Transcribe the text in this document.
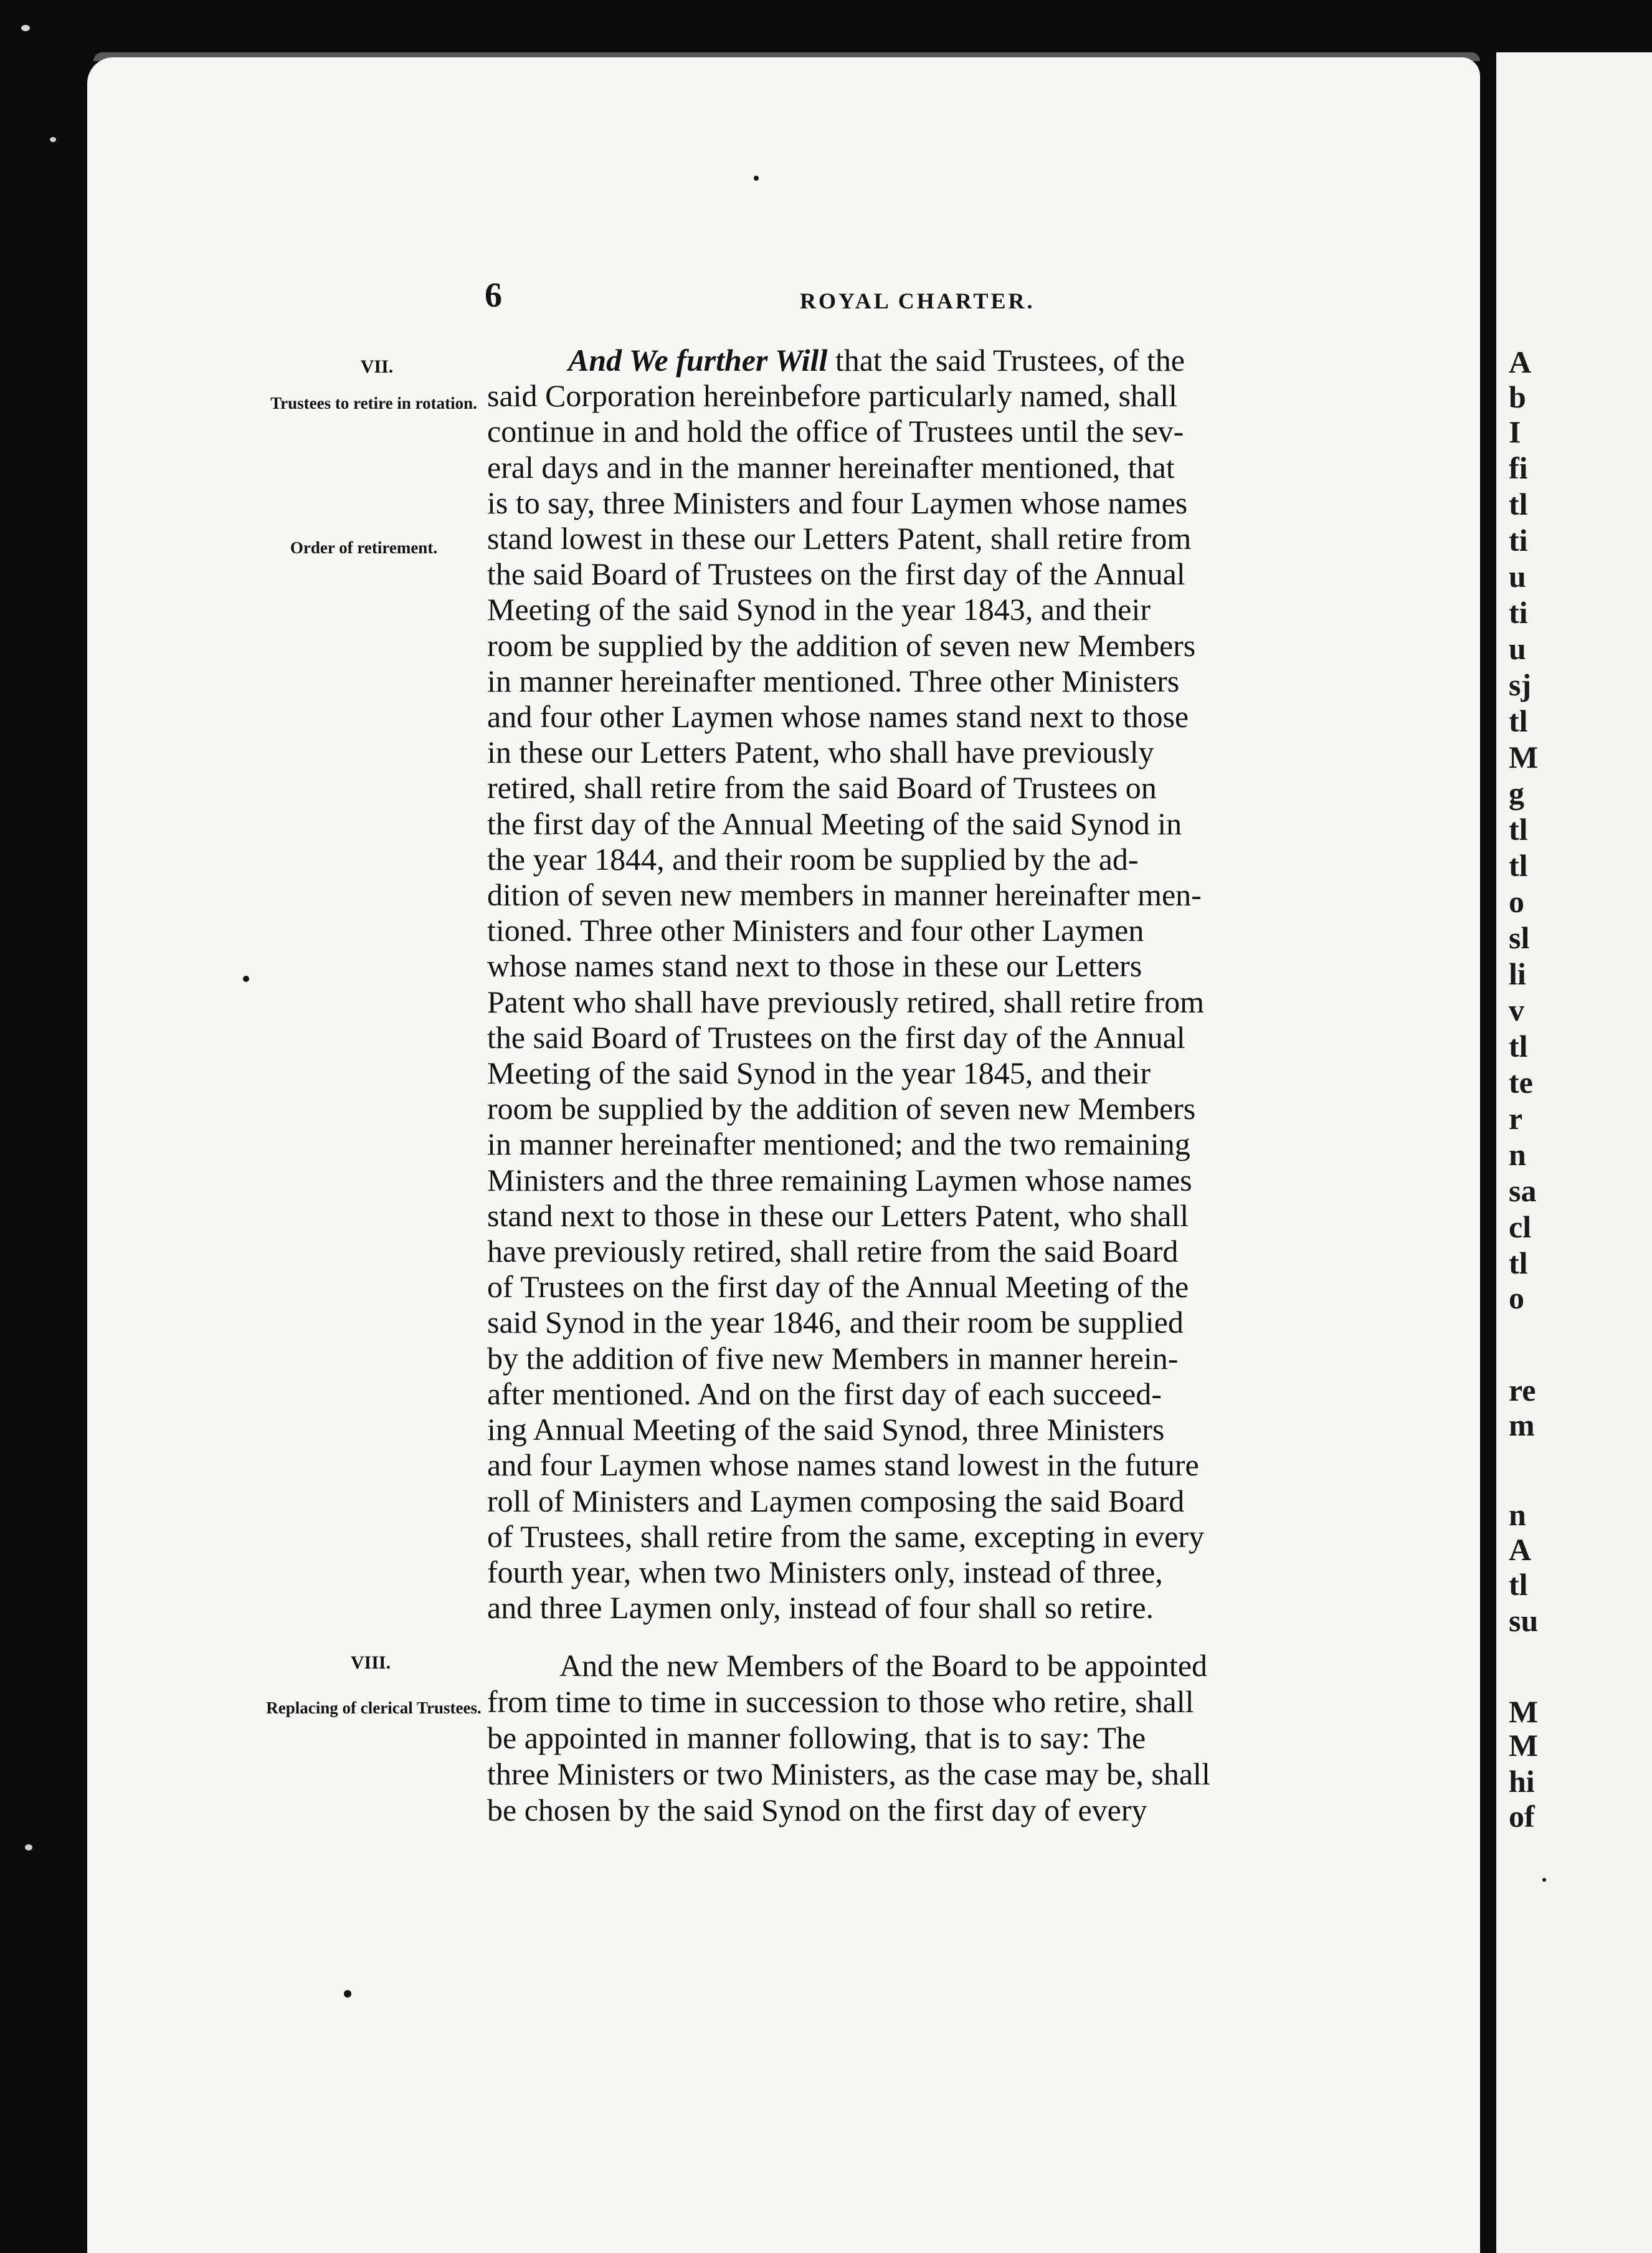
A
b
I
fi
tl
ti
u
ti
u
sj
tl
M
g
tl
tl
o
sl
li
v
tl
te
r
n
sa
cl
tl
o
re
m
n
A
tl
su
M
M
hi
of
6	ROYAL CHARTER.
VII.
Trustees to retire in rotation.
Order of retirement.
And We further Will that the said Trustees, of the
said Corporation hereinbefore particularly named, shall
continue in and hold the office of Trustees until the sev-
eral days and in the manner hereinafter mentioned, that
is to say, three Ministers and four Laymen whose names
stand lowest in these our Letters Patent, shall retire from
the said Board of Trustees on the first day of the Annual
Meeting of the said Synod in the year 1843, and their
room be supplied by the addition of seven new Members
in manner hereinafter mentioned. Three other Ministers
and four other Laymen whose names stand next to those
in these our Letters Patent, who shall have previously
retired, shall retire from the said Board of Trustees on
the first day of the Annual Meeting of the said Synod in
the year 1844, and their room be supplied by the ad-
dition of seven new members in manner hereinafter men-
tioned. Three other Ministers and four other Laymen
whose names stand next to those in these our Letters
Patent who shall have previously retired, shall retire from
the said Board of Trustees on the first day of the Annual
Meeting of the said Synod in the year 1845, and their
room be supplied by the addition of seven new Members
in manner hereinafter mentioned; and the two remaining
Ministers and the three remaining Laymen whose names
stand next to those in these our Letters Patent, who shall
have previously retired, shall retire from the said Board
of Trustees on the first day of the Annual Meeting of the
said Synod in the year 1846, and their room be supplied
by the addition of five new Members in manner herein-
after mentioned. And on the first day of each succeed-
ing Annual Meeting of the said Synod, three Ministers
and four Laymen whose names stand lowest in the future
roll of Ministers and Laymen composing the said Board
of Trustees, shall retire from the same, excepting in every
fourth year, when two Ministers only, instead of three,
and three Laymen only, instead of four shall so retire.
VIII.
Replacing of clerical Trustees.
And the new Members of the Board to be appointed
from time to time in succession to those who retire, shall
be appointed in manner following, that is to say: The
three Ministers or two Ministers, as the case may be, shall
be chosen by the said Synod on the first day of every
